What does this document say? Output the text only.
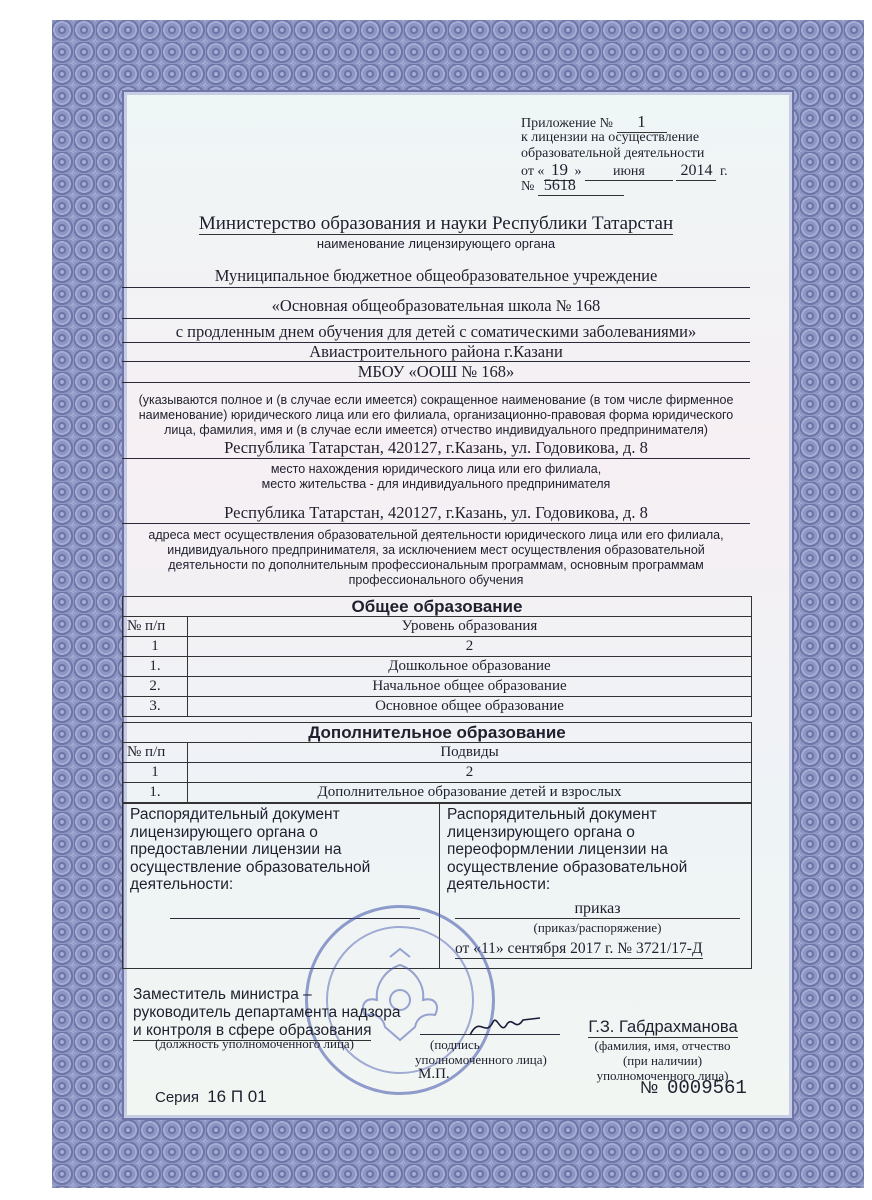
Приложение № 1
к лицензии на осуществление
образовательной деятельности
от « 19 » июня 2014 г.
№ 5618
Министерство образования и науки Республики Татарстан
наименование лицензирующего органа
Муниципальное бюджетное общеобразовательное учреждение
«Основная общеобразовательная школа № 168
с продленным днем обучения для детей с соматическими заболеваниями»
Авиастроительного района г.Казани
МБОУ «ООШ № 168»
(указываются полное и (в случае если имеется) сокращенное наименование (в том числе фирменное
наименование) юридического лица или его филиала, организационно-правовая форма юридического
лица, фамилия, имя и (в случае если имеется) отчество индивидуального предпринимателя)
Республика Татарстан, 420127, г.Казань, ул. Годовикова, д. 8
место нахождения юридического лица или его филиала,
место жительства - для индивидуального предпринимателя
Республика Татарстан, 420127, г.Казань, ул. Годовикова, д. 8
адреса мест осуществления образовательной деятельности юридического лица или его филиала,
индивидуального предпринимателя, за исключением мест осуществления образовательной
деятельности по дополнительным профессиональным программам, основным программам
профессионального обучения
Общее образование	
№ п/п	Уровень образования
1	2
1.	Дошкольное образование
2.	Начальное общее образование
3.	Основное общее образование
Дополнительное образование	
№ п/п	Подвиды
1	2
1.	Дополнительное образование детей и взрослых
Распорядительный документ
лицензирующего органа о
предоставлении лицензии на
осуществление образовательной
деятельности:
Распорядительный документ
лицензирующего органа о
переоформлении лицензии на
осуществление образовательной
деятельности:
приказ
(приказ/распоряжение)
от «11» сентября 2017 г. № 3721/17-Д
Заместитель министра –
руководитель департамента надзора
и контроля в сфере образования
(должность уполномоченного лица)	(подпись
уполномоченного лица)
М.П.
Г.З. Габдрахманова
(фамилия, имя, отчество
(при наличии)
уполномоченного лица)
Серия 16 П 01	№ 0009561
